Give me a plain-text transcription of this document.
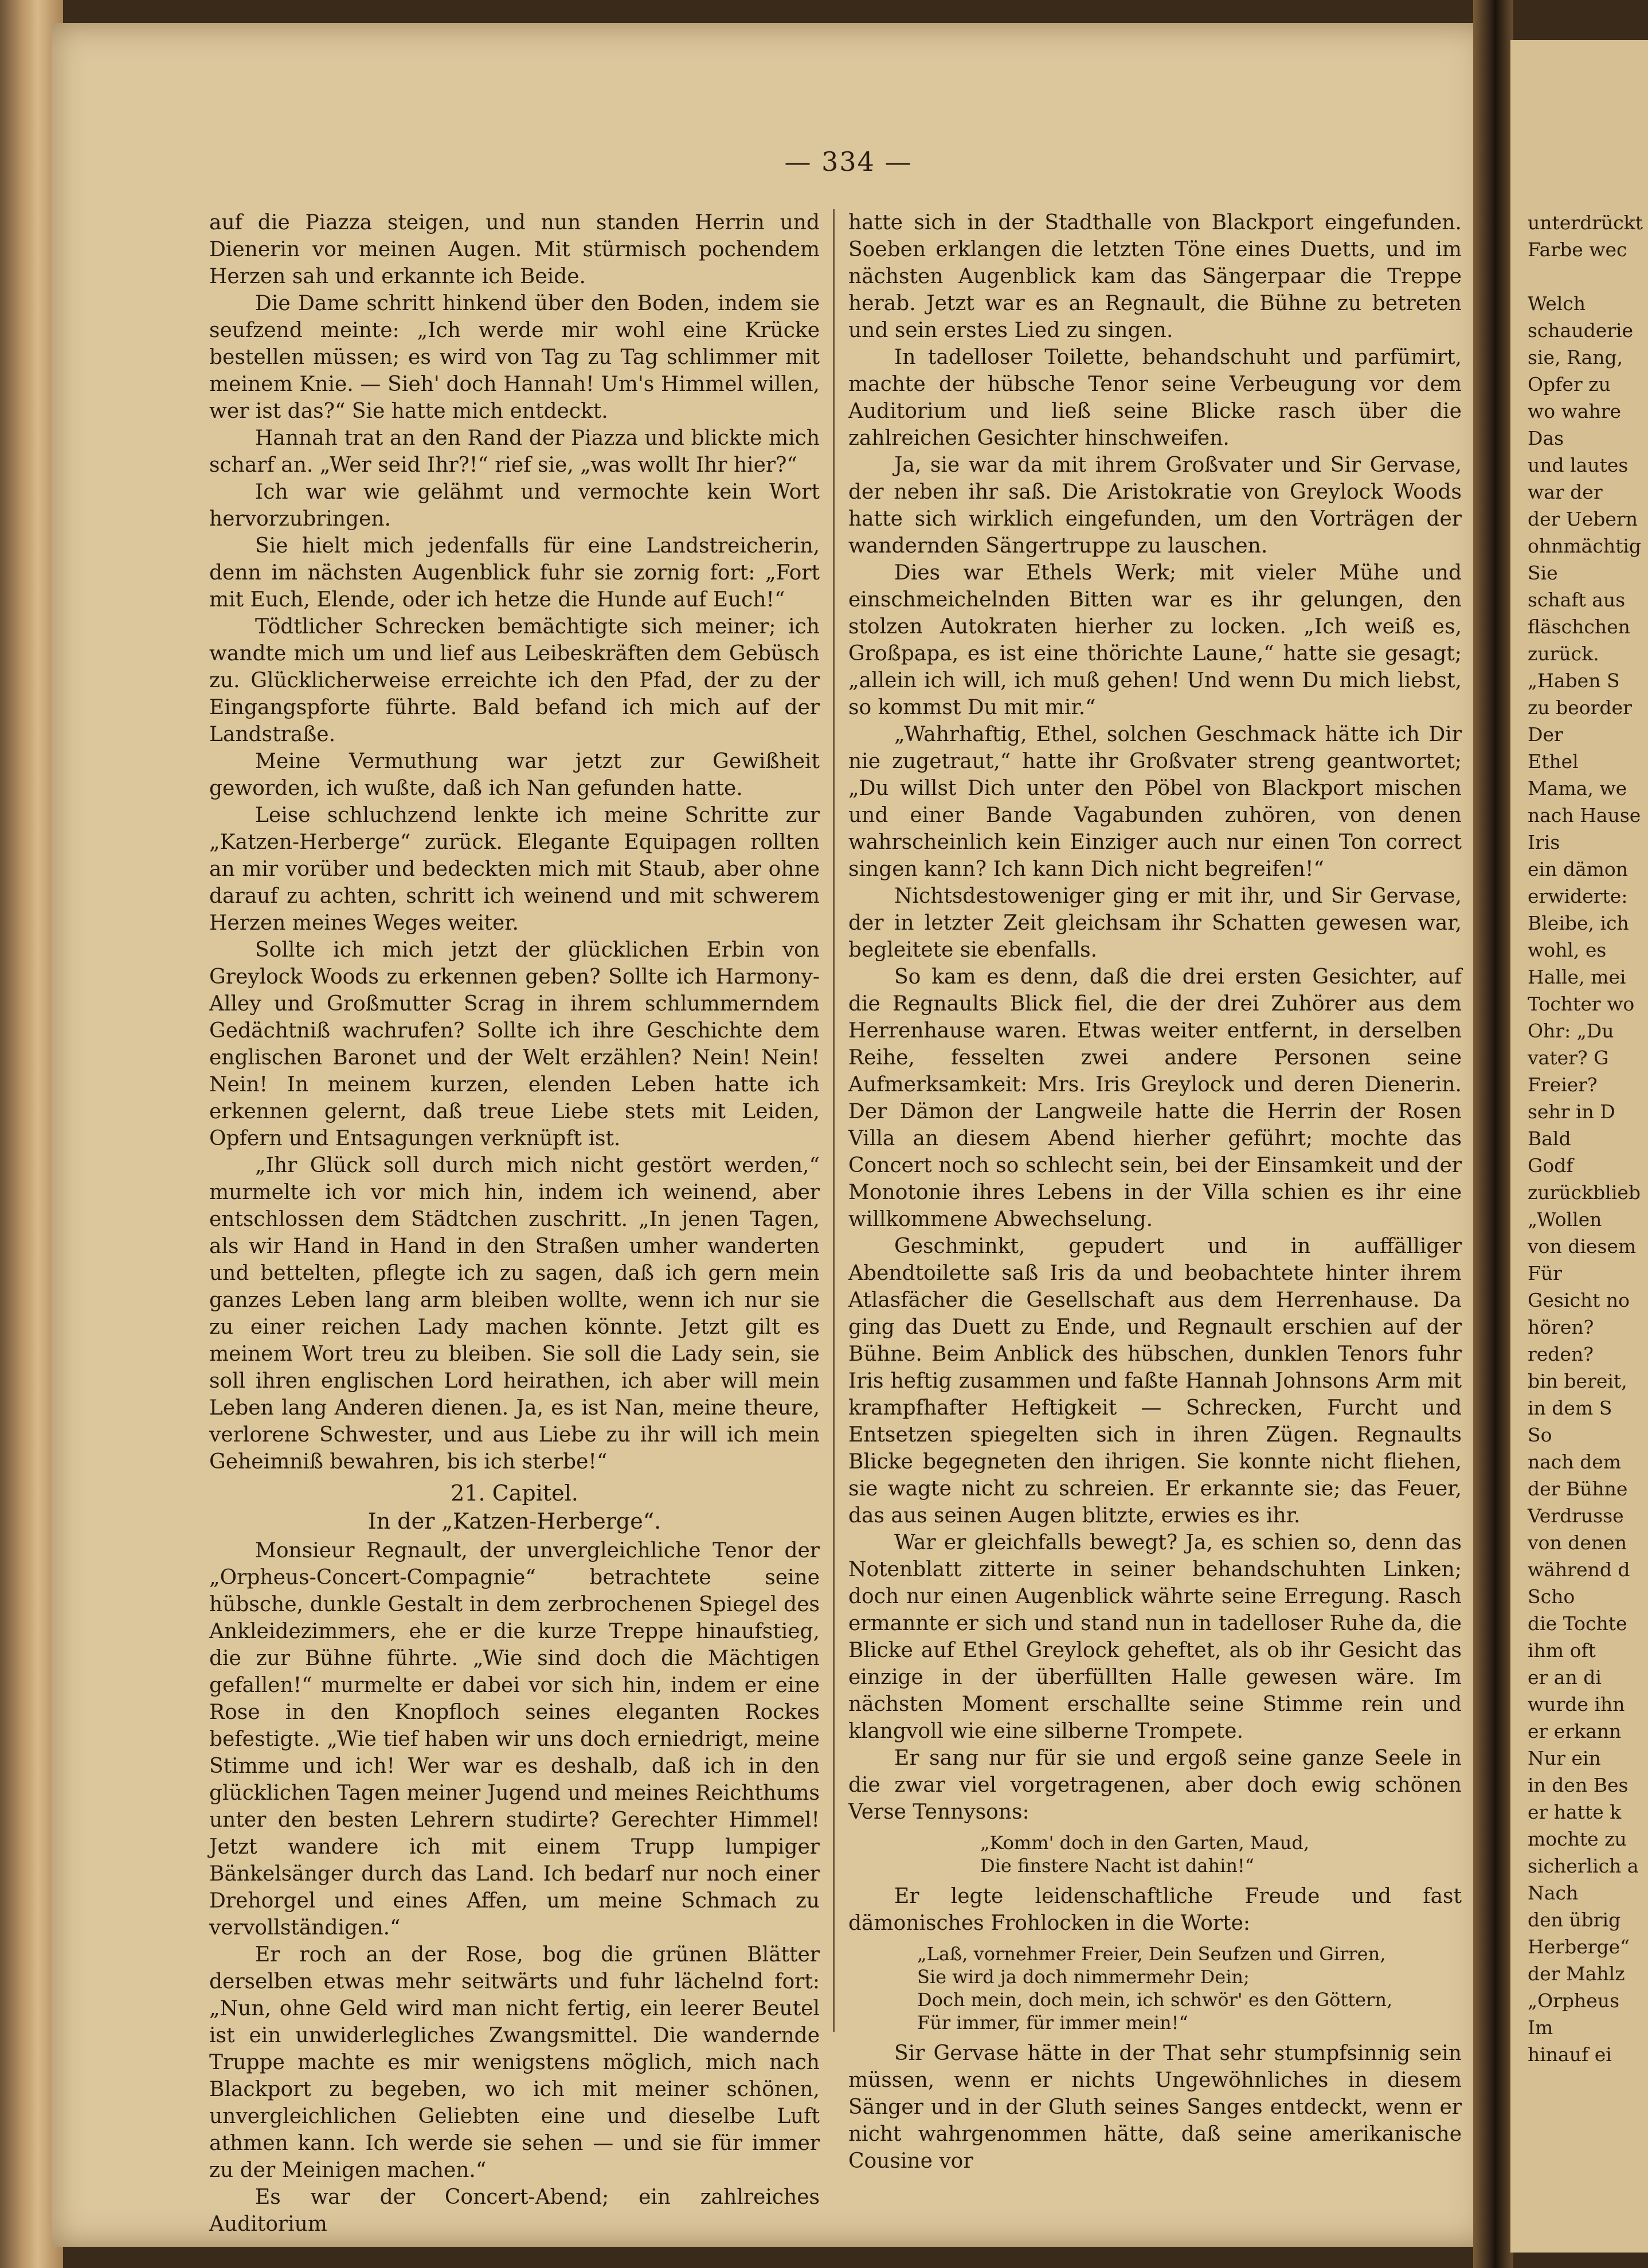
— 334 —

auf die Piazza steigen, und nun standen Herrin und Dienerin vor meinen Augen. Mit stürmisch pochendem Herzen sah und erkannte ich Beide.

Die Dame schritt hinkend über den Boden, indem sie seufzend meinte: „Ich werde mir wohl eine Krücke bestellen müssen; es wird von Tag zu Tag schlimmer mit meinem Knie. — Sieh' doch Hannah! Um's Himmel willen, wer ist das?“ Sie hatte mich entdeckt.

Hannah trat an den Rand der Piazza und blickte mich scharf an. „Wer seid Ihr?!“ rief sie, „was wollt Ihr hier?“

Ich war wie gelähmt und vermochte kein Wort hervorzubringen.

Sie hielt mich jedenfalls für eine Landstreicherin, denn im nächsten Augenblick fuhr sie zornig fort: „Fort mit Euch, Elende, oder ich hetze die Hunde auf Euch!“

Tödtlicher Schrecken bemächtigte sich meiner; ich wandte mich um und lief aus Leibeskräften dem Gebüsch zu. Glücklicherweise erreichte ich den Pfad, der zu der Eingangspforte führte. Bald befand ich mich auf der Landstraße.

Meine Vermuthung war jetzt zur Gewißheit geworden, ich wußte, daß ich Nan gefunden hatte.

Leise schluchzend lenkte ich meine Schritte zur „Katzen-Herberge“ zurück. Elegante Equipagen rollten an mir vorüber und bedeckten mich mit Staub, aber ohne darauf zu achten, schritt ich weinend und mit schwerem Herzen meines Weges weiter.

Sollte ich mich jetzt der glücklichen Erbin von Greylock Woods zu erkennen geben? Sollte ich Harmony-Alley und Großmutter Scrag in ihrem schlummerndem Gedächtniß wachrufen? Sollte ich ihre Geschichte dem englischen Baronet und der Welt erzählen? Nein! Nein! Nein! In meinem kurzen, elenden Leben hatte ich erkennen gelernt, daß treue Liebe stets mit Leiden, Opfern und Entsagungen verknüpft ist.

„Ihr Glück soll durch mich nicht gestört werden,“ murmelte ich vor mich hin, indem ich weinend, aber entschlossen dem Städtchen zuschritt. „In jenen Tagen, als wir Hand in Hand in den Straßen umher wanderten und bettelten, pflegte ich zu sagen, daß ich gern mein ganzes Leben lang arm bleiben wollte, wenn ich nur sie zu einer reichen Lady machen könnte. Jetzt gilt es meinem Wort treu zu bleiben. Sie soll die Lady sein, sie soll ihren englischen Lord heirathen, ich aber will mein Leben lang Anderen dienen. Ja, es ist Nan, meine theure, verlorene Schwester, und aus Liebe zu ihr will ich mein Geheimniß bewahren, bis ich sterbe!“

21. Capitel.
In der „Katzen-Herberge“.

Monsieur Regnault, der unvergleichliche Tenor der „Orpheus-Concert-Compagnie“ betrachtete seine hübsche, dunkle Gestalt in dem zerbrochenen Spiegel des Ankleidezimmers, ehe er die kurze Treppe hinaufstieg, die zur Bühne führte. „Wie sind doch die Mächtigen gefallen!“ murmelte er dabei vor sich hin, indem er eine Rose in den Knopfloch seines eleganten Rockes befestigte. „Wie tief haben wir uns doch erniedrigt, meine Stimme und ich! Wer war es deshalb, daß ich in den glücklichen Tagen meiner Jugend und meines Reichthums unter den besten Lehrern studirte? Gerechter Himmel! Jetzt wandere ich mit einem Trupp lumpiger Bänkelsänger durch das Land. Ich bedarf nur noch einer Drehorgel und eines Affen, um meine Schmach zu vervollständigen.“

Er roch an der Rose, bog die grünen Blätter derselben etwas mehr seitwärts und fuhr lächelnd fort: „Nun, ohne Geld wird man nicht fertig, ein leerer Beutel ist ein unwiderlegliches Zwangsmittel. Die wandernde Truppe machte es mir wenigstens möglich, mich nach Blackport zu begeben, wo ich mit meiner schönen, unvergleichlichen Geliebten eine und dieselbe Luft athmen kann. Ich werde sie sehen — und sie für immer zu der Meinigen machen.“

Es war der Concert-Abend; ein zahlreiches Auditorium

hatte sich in der Stadthalle von Blackport eingefunden. Soeben erklangen die letzten Töne eines Duetts, und im nächsten Augenblick kam das Sängerpaar die Treppe herab. Jetzt war es an Regnault, die Bühne zu betreten und sein erstes Lied zu singen.

In tadelloser Toilette, behandschuht und parfümirt, machte der hübsche Tenor seine Verbeugung vor dem Auditorium und ließ seine Blicke rasch über die zahlreichen Gesichter hinschweifen.

Ja, sie war da mit ihrem Großvater und Sir Gervase, der neben ihr saß. Die Aristokratie von Greylock Woods hatte sich wirklich eingefunden, um den Vorträgen der wandernden Sängertruppe zu lauschen.

Dies war Ethels Werk; mit vieler Mühe und einschmeichelnden Bitten war es ihr gelungen, den stolzen Autokraten hierher zu locken. „Ich weiß es, Großpapa, es ist eine thörichte Laune,“ hatte sie gesagt; „allein ich will, ich muß gehen! Und wenn Du mich liebst, so kommst Du mit mir.“

„Wahrhaftig, Ethel, solchen Geschmack hätte ich Dir nie zugetraut,“ hatte ihr Großvater streng geantwortet; „Du willst Dich unter den Pöbel von Blackport mischen und einer Bande Vagabunden zuhören, von denen wahrscheinlich kein Einziger auch nur einen Ton correct singen kann? Ich kann Dich nicht begreifen!“

Nichtsdestoweniger ging er mit ihr, und Sir Gervase, der in letzter Zeit gleichsam ihr Schatten gewesen war, begleitete sie ebenfalls.

So kam es denn, daß die drei ersten Gesichter, auf die Regnaults Blick fiel, die der drei Zuhörer aus dem Herrenhause waren. Etwas weiter entfernt, in derselben Reihe, fesselten zwei andere Personen seine Aufmerksamkeit: Mrs. Iris Greylock und deren Dienerin. Der Dämon der Langweile hatte die Herrin der Rosen Villa an diesem Abend hierher geführt; mochte das Concert noch so schlecht sein, bei der Einsamkeit und der Monotonie ihres Lebens in der Villa schien es ihr eine willkommene Abwechselung.

Geschminkt, gepudert und in auffälliger Abendtoilette saß Iris da und beobachtete hinter ihrem Atlasfächer die Gesellschaft aus dem Herrenhause. Da ging das Duett zu Ende, und Regnault erschien auf der Bühne. Beim Anblick des hübschen, dunklen Tenors fuhr Iris heftig zusammen und faßte Hannah Johnsons Arm mit krampfhafter Heftigkeit — Schrecken, Furcht und Entsetzen spiegelten sich in ihren Zügen. Regnaults Blicke begegneten den ihrigen. Sie konnte nicht fliehen, sie wagte nicht zu schreien. Er erkannte sie; das Feuer, das aus seinen Augen blitzte, erwies es ihr.

War er gleichfalls bewegt? Ja, es schien so, denn das Notenblatt zitterte in seiner behandschuhten Linken; doch nur einen Augenblick währte seine Erregung. Rasch ermannte er sich und stand nun in tadelloser Ruhe da, die Blicke auf Ethel Greylock geheftet, als ob ihr Gesicht das einzige in der überfüllten Halle gewesen wäre. Im nächsten Moment erschallte seine Stimme rein und klangvoll wie eine silberne Trompete.

Er sang nur für sie und ergoß seine ganze Seele in die zwar viel vorgetragenen, aber doch ewig schönen Verse Tennysons:

„Komm' doch in den Garten, Maud,
Die finstere Nacht ist dahin!“

Er legte leidenschaftliche Freude und fast dämonisches Frohlocken in die Worte:

„Laß, vornehmer Freier, Dein Seufzen und Girren,
Sie wird ja doch nimmermehr Dein;
Doch mein, doch mein, ich schwör' es den Göttern,
Für immer, für immer mein!“

Sir Gervase hätte in der That sehr stumpfsinnig sein müssen, wenn er nichts Ungewöhnliches in diesem Sänger und in der Gluth seines Sanges entdeckt, wenn er nicht wahrgenommen hätte, daß seine amerikanische Cousine vor

unterdrückt
Farbe wec
Welch
schauderie
sie, Rang,
Opfer zu
wo wahre
Das
und lautes
war der
der Uebern
ohnmächtig
Sie
schaft aus
fläschchen
zurück.
„Haben S
zu beorder
Der
Ethel
Mama, we
nach Hause
Iris
ein dämon
erwiderte:
Bleibe, ich
wohl, es
Halle, mei
Tochter wo
Ohr: „Du
vater? G
Freier?
sehr in D
Bald
Godf
zurückblieb
„Wollen
von diesem
Für
Gesicht no
hören?
reden?
bin bereit,
in dem S
So
nach dem
der Bühne
Verdrusse
von denen
während d
Scho
die Tochte
ihm oft
er an di
wurde ihn
er erkann
Nur ein
in den Bes
er hatte k
mochte zu
sicherlich a
Nach
den übrig
Herberge“
der Mahlz
„Orpheus
Im
hinauf ei
